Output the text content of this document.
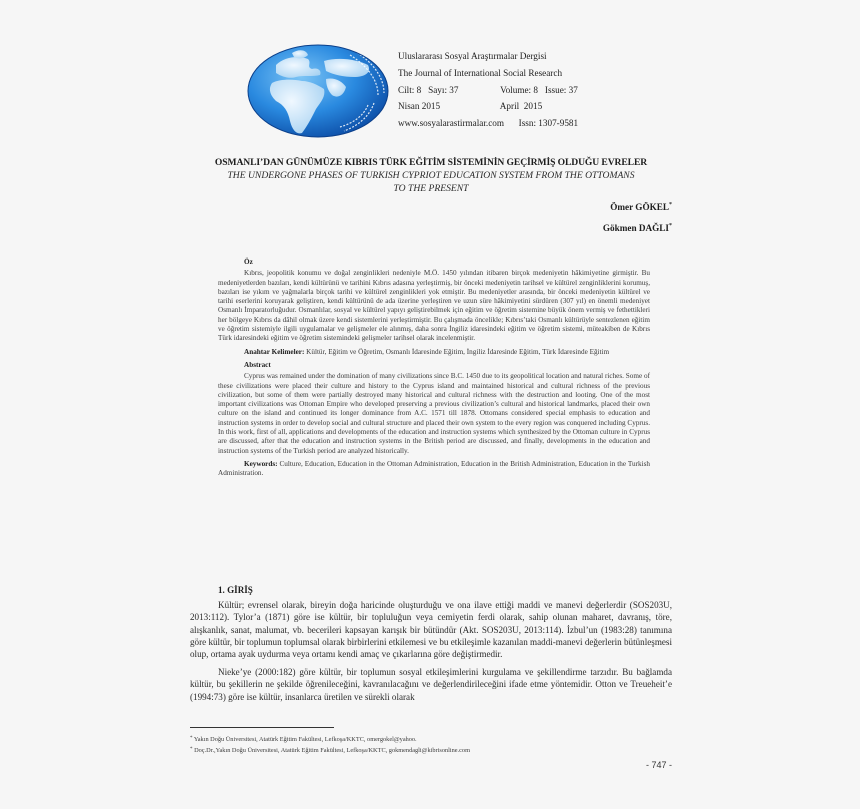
Uluslararası Sosyal Araştırmalar Dergisi
The Journal of International Social Research
Cilt: 8   Sayı: 37	Volume: 8   Issue: 37
Nisan 2015	April  2015
www.sosyalarastirmalar.com Issn: 1307-9581
OSMANLI’DAN GÜNÜMÜZE KIBRIS TÜRK EĞİTİM SİSTEMİNİN GEÇİRMİŞ OLDUĞU EVRELER
THE UNDERGONE PHASES OF TURKISH CYPRIOT EDUCATION SYSTEM FROM THE OTTOMANS
TO THE PRESENT
Ömer GÖKEL*
Gökmen DAĞLI*
Öz

Kıbrıs, jeopolitik konumu ve doğal zenginlikleri nedeniyle M.Ö. 1450 yılından itibaren birçok medeniyetin hâkimiyetine girmiştir. Bu medeniyetlerden bazıları, kendi kültürünü ve tarihini Kıbrıs adasına yerleştirmiş, bir önceki medeniyetin tarihsel ve kültürel zenginliklerini korumuş, bazıları ise yıkım ve yağmalarla birçok tarihi ve kültürel zenginlikleri yok etmiştir. Bu medeniyetler arasında, bir önceki medeniyetin kültürel ve tarihi eserlerini koruyarak geliştiren, kendi kültürünü de ada üzerine yerleştiren ve uzun süre hâkimiyetini sürdüren (307 yıl) en önemli medeniyet Osmanlı İmparatorluğudur. Osmanlılar, sosyal ve kültürel yapıyı geliştirebilmek için eğitim ve öğretim sistemine büyük önem vermiş ve fethettikleri her bölgeye Kıbrıs da dâhil olmak üzere kendi sistemlerini yerleştirmiştir. Bu çalışmada öncelikle; Kıbrıs’taki Osmanlı kültürüyle sentezlenen eğitim ve öğretim sistemiyle ilgili uygulamalar ve gelişmeler ele alınmış, daha sonra İngiliz idaresindeki eğitim ve öğretim sistemi, müteakiben de Kıbrıs Türk idaresindeki eğitim ve öğretim sistemindeki gelişmeler tarihsel olarak incelenmiştir.

Anahtar Kelimeler: Kültür, Eğitim ve Öğretim, Osmanlı İdaresinde Eğitim, İngiliz İdaresinde Eğitim, Türk İdaresinde Eğitim

Abstract

Cyprus was remained under the domination of many civilizations since B.C. 1450 due to its geopolitical location and natural riches. Some of these civilizations were placed their culture and history to the Cyprus island and maintained historical and cultural richness of the previous civilization, but some of them were partially destroyed many historical and cultural richness with the destruction and looting. One of the most important civilizations was Ottoman Empire who developed preserving a previous civilization’s cultural and historical landmarks, placed their own culture on the island and continued its longer dominance from A.C. 1571 till 1878. Ottomans considered special emphasis to education and instruction systems in order to develop social and cultural structure and placed their own system to the every region was conquered including Cyprus. In this work, first of all, applications and developments of the education and instruction systems which synthesized by the Ottoman culture in Cyprus are discussed, after that the education and instruction systems in the British period are discussed, and finally, developments in the education and instruction systems of the Turkish period are analyzed historically.

Keywords: Culture, Education, Education in the Ottoman Administration, Education in the British Administration, Education in the Turkish Administration.

1. GİRİŞ

Kültür; evrensel olarak, bireyin doğa haricinde oluşturduğu ve ona ilave ettiği maddi ve manevi değerlerdir (SOS203U, 2013:112). Tylor’a (1871) göre ise kültür, bir topluluğun veya cemiyetin ferdi olarak, sahip olunan maharet, davranış, töre, alışkanlık, sanat, malumat, vb. becerileri kapsayan karışık bir bütündür (Akt. SOS203U, 2013:114). İzbul’un (1983:28) tanımına göre kültür, bir toplumun toplumsal olarak birbirlerini etkilemesi ve bu etkileşimle kazanılan maddi-manevi değerlerin bütünleşmesi olup, ortama ayak uydurma veya ortamı kendi amaç ve çıkarlarına göre değiştirmedir.

Nieke’ye (2000:182) göre kültür, bir toplumun sosyal etkileşimlerini kurgulama ve şekillendirme tarzıdır. Bu bağlamda kültür, bu şekillerin ne şekilde öğrenileceğini, kavranılacağını ve değerlendirileceğini ifade etme yöntemidir. Otton ve Treueheit’e (1994:73) göre ise kültür, insanlarca üretilen ve sürekli olarak

* Yakın Doğu Üniversitesi, Atatürk Eğitim Fakültesi, Lefkoşa/KKTC, omergokel@yahoo.
* Doç.Dr.,Yakın Doğu Üniversitesi, Atatürk Eğitim Fakültesi, Lefkoşa/KKTC, gokmendagli@kibrisonline.com
- 747 -
